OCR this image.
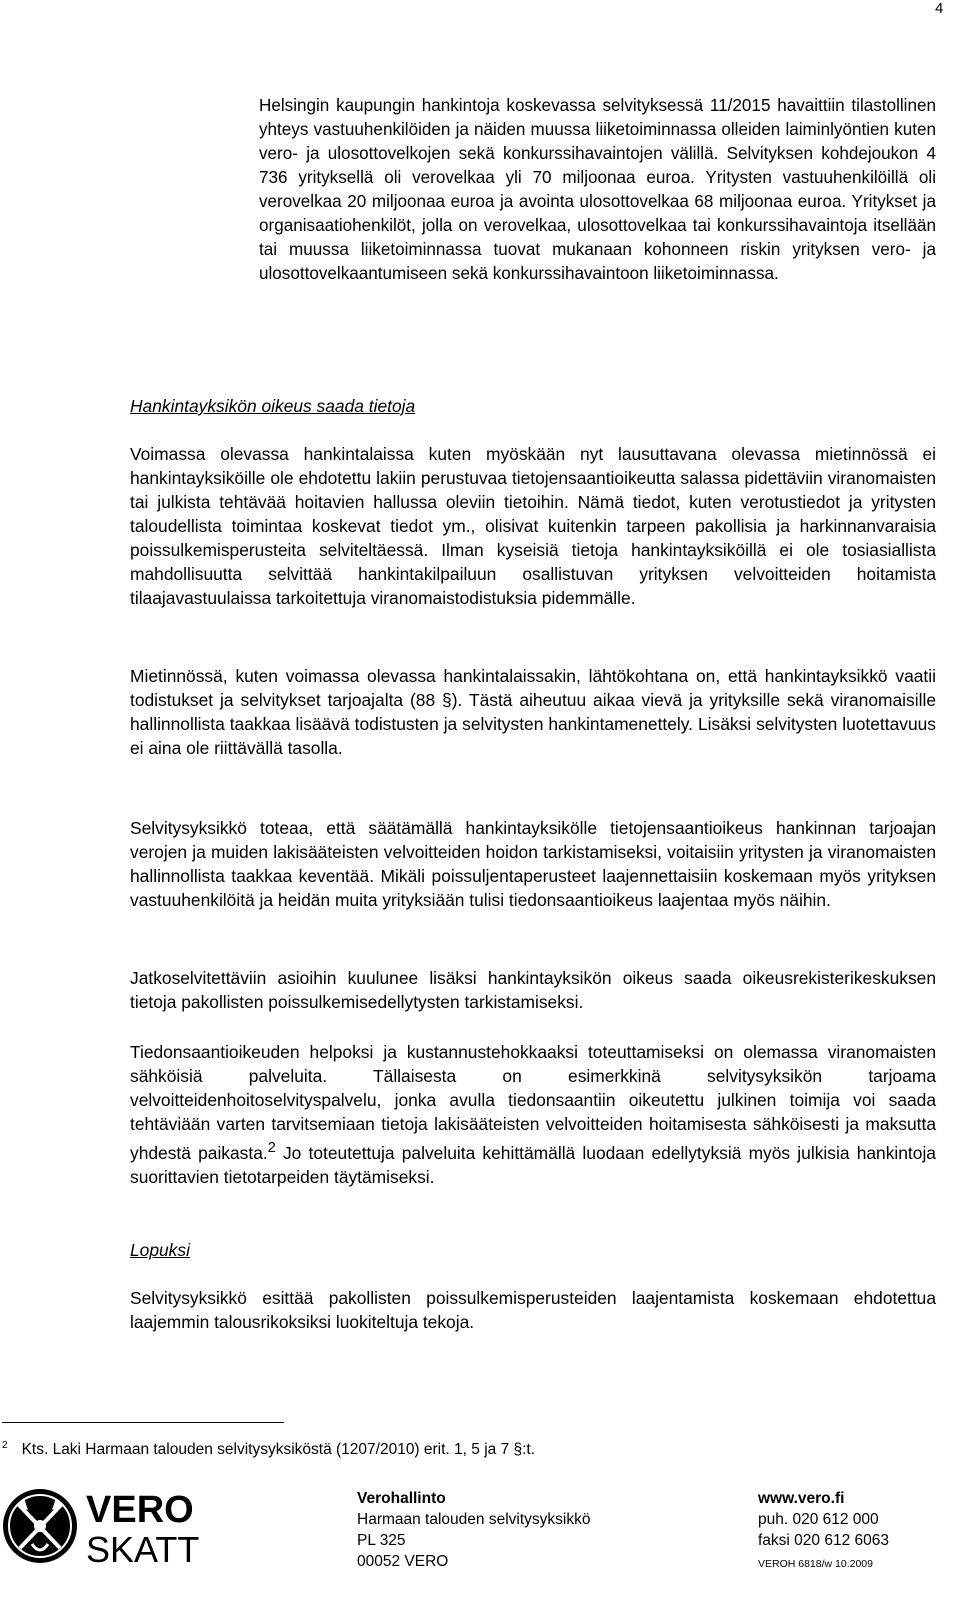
4

Helsingin kaupungin hankintoja koskevassa selvityksessä 11/2015 havaittiin tilastollinen yhteys vastuuhenkilöiden ja näiden muussa liiketoiminnassa olleiden laiminlyöntien kuten vero- ja ulosottovelkojen sekä konkurssihavaintojen välillä. Selvityksen kohdejoukon 4 736 yrityksellä oli verovelkaa yli 70 miljoonaa euroa. Yritysten vastuuhenkilöillä oli verovelkaa 20 miljoonaa euroa ja avointa ulosottovelkaa 68 miljoonaa euroa. Yritykset ja organisaatiohenkilöt, jolla on verovelkaa, ulosottovelkaa tai konkurssihavaintoja itsellään tai muussa liiketoiminnassa tuovat mukanaan kohonneen riskin yrityksen vero- ja ulosottovelkaantumiseen sekä konkurssihavaintoon liiketoiminnassa.

Hankintayksikön oikeus saada tietoja

Voimassa olevassa hankintalaissa kuten myöskään nyt lausuttavana olevassa mietinnössä ei hankintayksiköille ole ehdotettu lakiin perustuvaa tietojensaantioikeutta salassa pidettäviin viranomaisten tai julkista tehtävää hoitavien hallussa oleviin tietoihin. Nämä tiedot, kuten verotustiedot ja yritysten taloudellista toimintaa koskevat tiedot ym., olisivat kuitenkin tarpeen pakollisia ja harkinnanvaraisia poissulkemisperusteita selviteltäessä. Ilman kyseisiä tietoja hankintayksiköillä ei ole tosiasiallista mahdollisuutta selvittää hankintakilpailuun osallistuvan yrityksen velvoitteiden hoitamista tilaajavastuulaissa tarkoitettuja viranomaistodistuksia pidemmälle.

Mietinnössä, kuten voimassa olevassa hankintalaissakin, lähtökohtana on, että hankintayksikkö vaatii todistukset ja selvitykset tarjoajalta (88 §). Tästä aiheutuu aikaa vievä ja yrityksille sekä viranomaisille hallinnollista taakkaa lisäävä todistusten ja selvitysten hankintamenettely. Lisäksi selvitysten luotettavuus ei aina ole riittävällä tasolla.

Selvitysyksikkö toteaa, että säätämällä hankintayksikölle tietojensaantioikeus hankinnan tarjoajan verojen ja muiden lakisääteisten velvoitteiden hoidon tarkistamiseksi, voitaisiin yritysten ja viranomaisten hallinnollista taakkaa keventää. Mikäli poissuljentaperusteet laajennettaisiin koskemaan myös yrityksen vastuuhenkilöitä ja heidän muita yrityksiään tulisi tiedonsaantioikeus laajentaa myös näihin.

Jatkoselvitettäviin asioihin kuulunee lisäksi hankintayksikön oikeus saada oikeusrekisterikeskuksen tietoja pakollisten poissulkemisedellytysten tarkistamiseksi.

Tiedonsaantioikeuden helpoksi ja kustannustehokkaaksi toteuttamiseksi on olemassa viranomaisten sähköisiä palveluita. Tällaisesta on esimerkkinä selvitysyksikön tarjoama velvoitteidenhoitoselvityspalvelu, jonka avulla tiedonsaantiin oikeutettu julkinen toimija voi saada tehtäviään varten tarvitsemiaan tietoja lakisääteisten velvoitteiden hoitamisesta sähköisesti ja maksutta yhdestä paikasta.$^2$ Jo toteutettuja palveluita kehittämällä luodaan edellytyksiä myös julkisia hankintoja suorittavien tietotarpeiden täytämiseksi.

Lopuksi

Selvitysyksikkö esittää pakollisten poissulkemisperusteiden laajentamista koskemaan ehdotettua laajemmin talousrikoksiksi luokiteltuja tekoja.

$^2$ Kts. Laki Harmaan talouden selvitysyksiköstä (1207/2010) erit. 1, 5 ja 7 §:t.
VERO
SKATT
Verohallinto
Harmaan talouden selvitysyksikkö
PL 325
00052 VERO
www.vero.fi
puh. 020 612 000
faksi 020 612 6063
VEROH 6818/w 10.2009
